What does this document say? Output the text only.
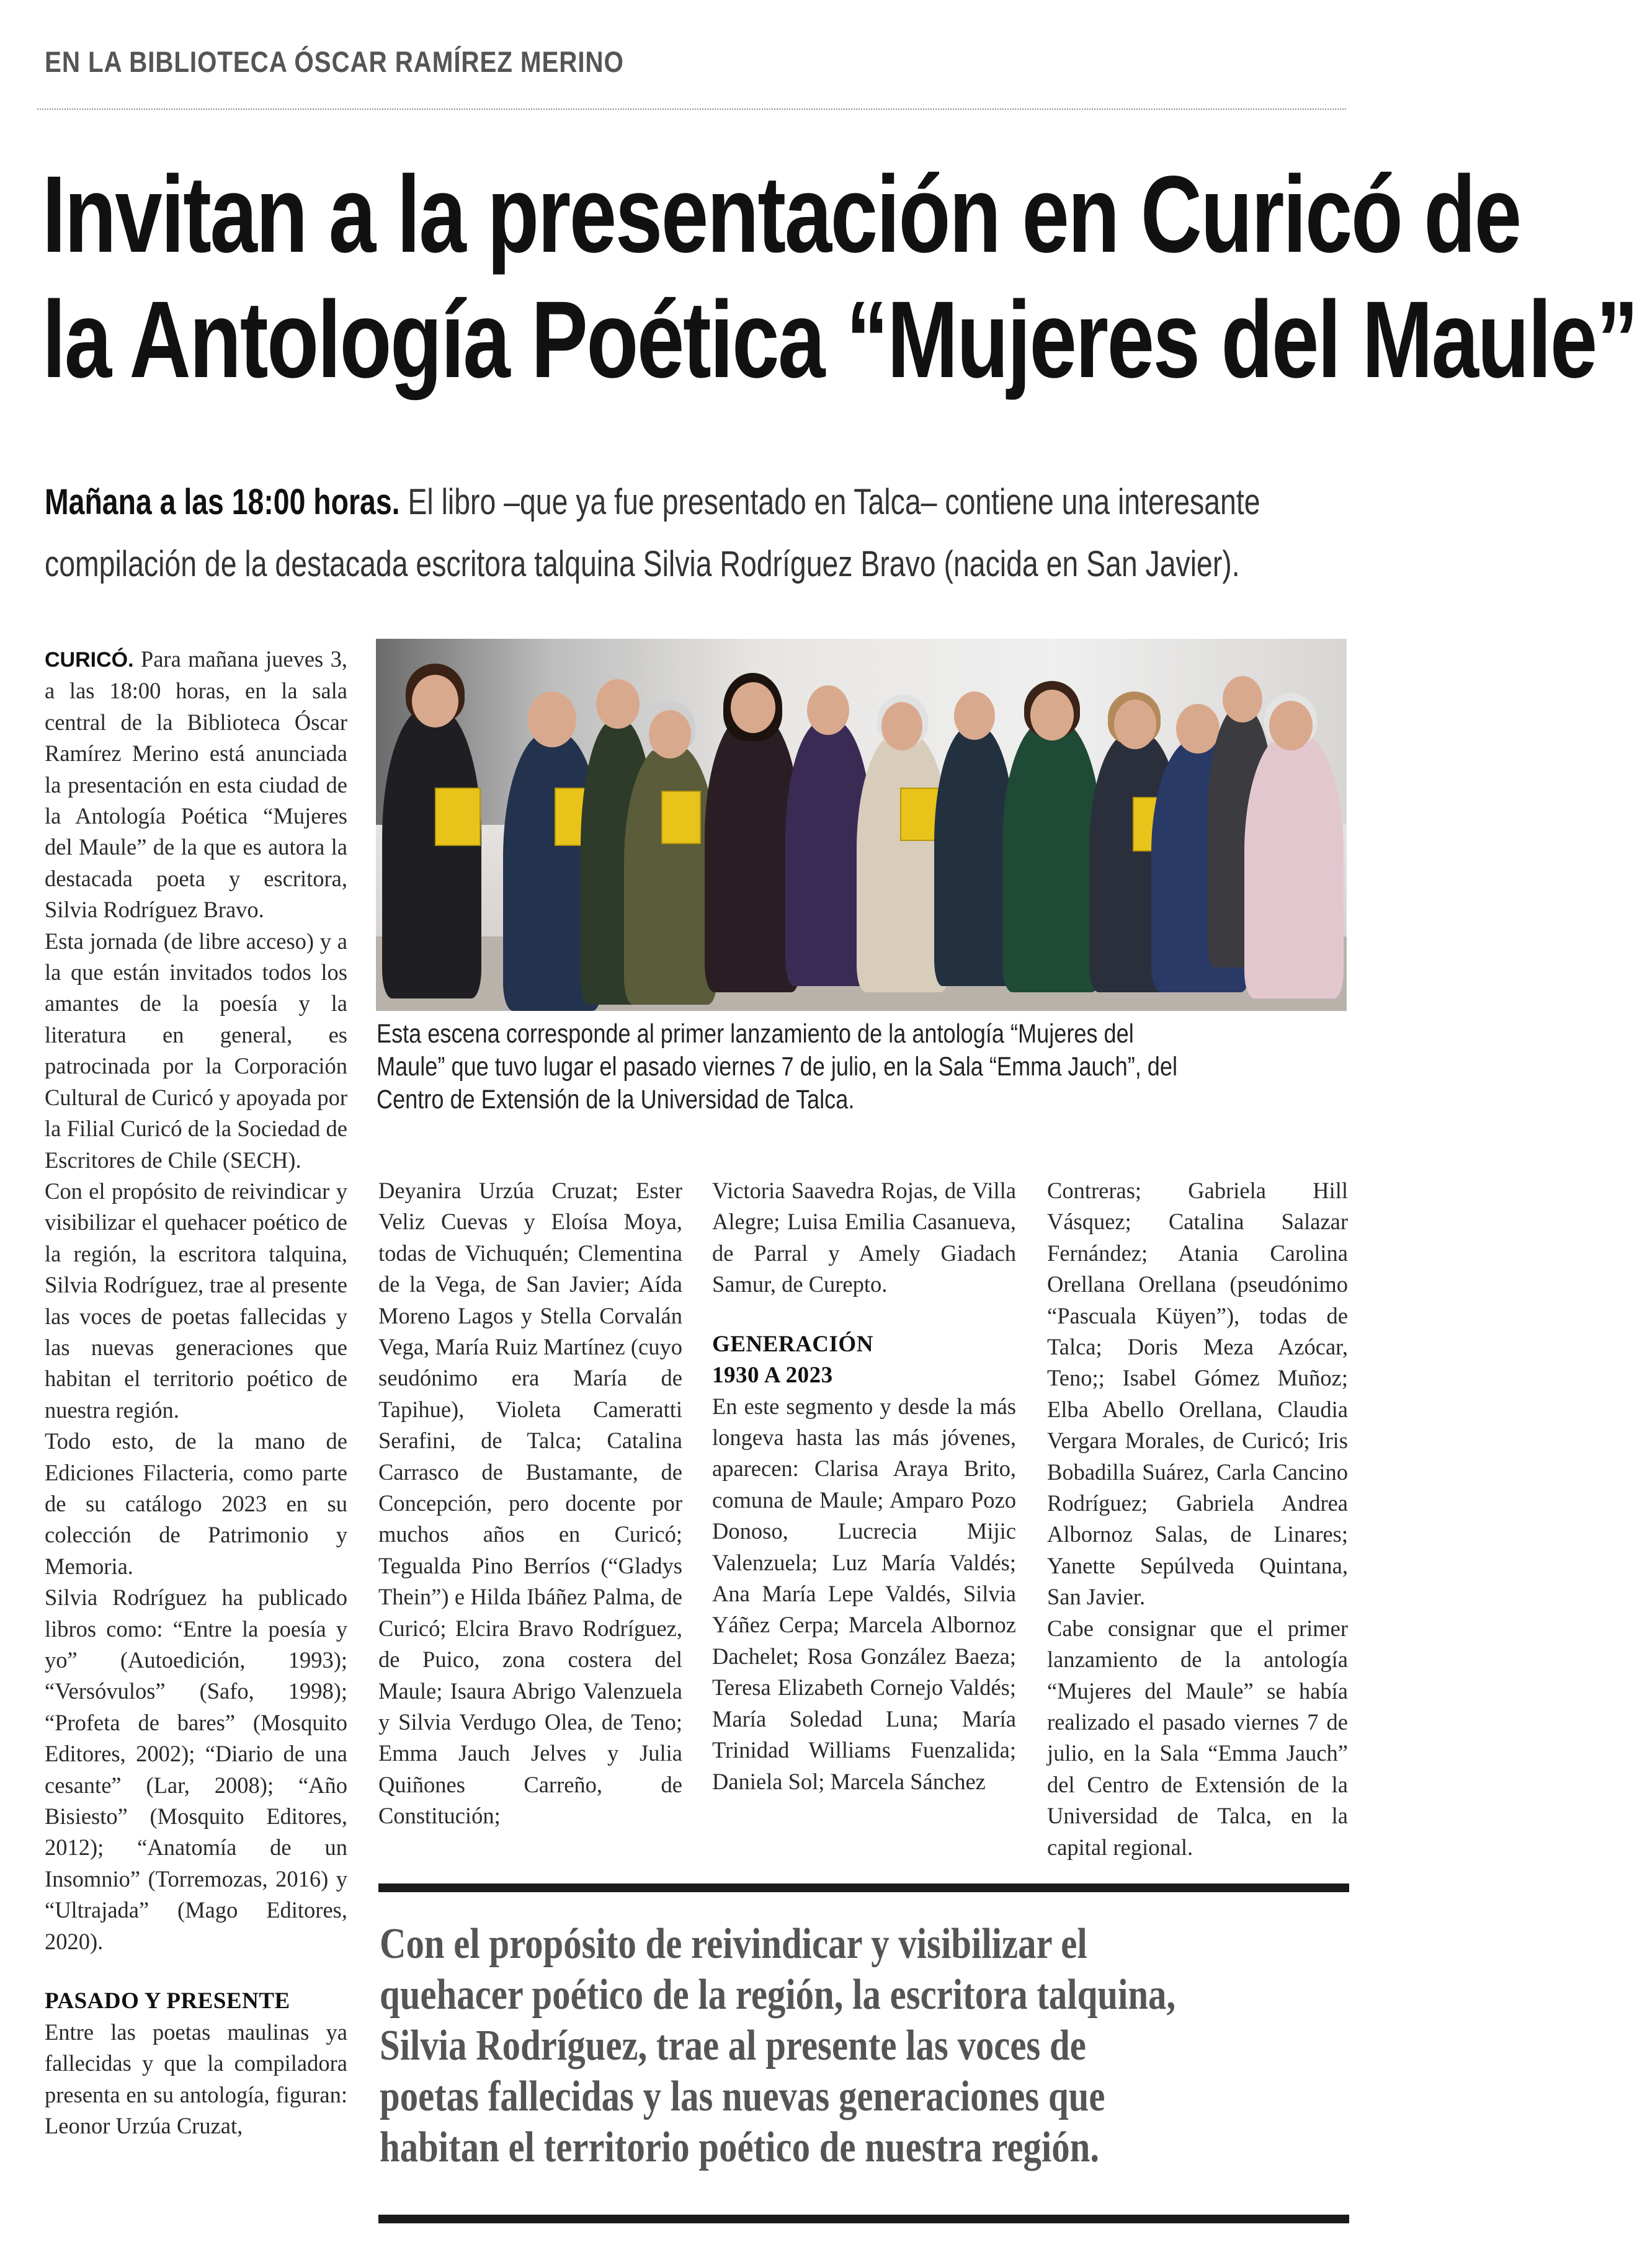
EN LA BIBLIOTECA ÓSCAR RAMÍREZ MERINO
Invitan a la presentación en Curicó de
la Antología Poética “Mujeres del Maule”
Mañana a las 18:00 horas. El libro –que ya fue presentado en Talca– contiene una interesante compilación de la destacada escritora talquina Silvia Rodríguez Bravo (nacida en San Javier).

CURICÓ. Para mañana jueves 3, a las 18:00 horas, en la sala central de la Biblioteca Óscar Ramírez Merino está anunciada la presentación en esta ciudad de la Antología Poética “Mujeres del Maule” de la que es autora la destacada poeta y escritora, Silvia Rodríguez Bravo.

Esta jornada (de libre acceso) y a la que están invitados todos los amantes de la poesía y la literatura en general, es patrocinada por la Corporación Cultural de Curicó y apoyada por la Filial Curicó de la Sociedad de Escritores de Chile (SECH).

Con el propósito de reivindicar y visibilizar el quehacer poético de la región, la escritora talquina, Silvia Rodríguez, trae al presente las voces de poetas fallecidas y las nuevas generaciones que habitan el territorio poético de nuestra región.

Todo esto, de la mano de Ediciones Filacteria, como parte de su catálogo 2023 en su colección de Patrimonio y Memoria.

Silvia Rodríguez ha publicado libros como: “Entre la poesía y yo” (Autoedición, 1993); “Versóvulos” (Safo, 1998); “Profeta de bares” (Mosquito Editores, 2002); “Diario de una cesante” (Lar, 2008); “Año Bisiesto” (Mosquito Editores, 2012); “Anatomía de un Insomnio” (Torremozas, 2016) y “Ultrajada” (Mago Editores, 2020).

PASADO Y PRESENTE

Entre las poetas maulinas ya fallecidas y que la compiladora presenta en su antología, figuran: Leonor Urzúa Cruzat,

Esta escena corresponde al primer lanzamiento de la antología “Mujeres del Maule” que tuvo lugar el pasado viernes 7 de julio, en la Sala “Emma Jauch”, del Centro de Extensión de la Universidad de Talca.

Deyanira Urzúa Cruzat; Ester Veliz Cuevas y Eloísa Moya, todas de Vichuquén; Clementina de la Vega, de San Javier; Aída Moreno Lagos y Stella Corvalán Vega, María Ruiz Martínez (cuyo seudónimo era María de Tapihue), Violeta Cameratti Serafini, de Talca; Catalina Carrasco de Bustamante, de Concepción, pero docente por muchos años en Curicó; Tegualda Pino Berríos (“Gladys Thein”) e Hilda Ibáñez Palma, de Curicó; Elcira Bravo Rodríguez, de Puico, zona costera del Maule; Isaura Abrigo Valenzuela y Silvia Verdugo Olea, de Teno; Emma Jauch Jelves y Julia Quiñones Carreño, de Constitución;

Victoria Saavedra Rojas, de Villa Alegre; Luisa Emilia Casanueva, de Parral y Amely Giadach Samur, de Curepto.

GENERACIÓN
1930 A 2023

En este segmento y desde la más longeva hasta las más jóvenes, aparecen: Clarisa Araya Brito, comuna de Maule; Amparo Pozo Donoso, Lucrecia Mijic Valenzuela; Luz María Valdés; Ana María Lepe Valdés, Silvia Yáñez Cerpa; Marcela Albornoz Dachelet; Rosa González Baeza; Teresa Elizabeth Cornejo Valdés; María Soledad Luna; María Trinidad Williams Fuenzalida; Daniela Sol; Marcela Sánchez

Contreras; Gabriela Hill Vásquez; Catalina Salazar Fernández; Atania Carolina Orellana Orellana (pseudónimo “Pascuala Küyen”), todas de Talca; Doris Meza Azócar, Teno;; Isabel Gómez Muñoz; Elba Abello Orellana, Claudia Vergara Morales, de Curicó; Iris Bobadilla Suárez, Carla Cancino Rodríguez; Gabriela Andrea Albornoz Salas, de Linares; Yanette Sepúlveda Quintana, San Javier.

Cabe consignar que el primer lanzamiento de la antología “Mujeres del Maule” se había realizado el pasado viernes 7 de julio, en la Sala “Emma Jauch” del Centro de Extensión de la Universidad de Talca, en la capital regional.

Con el propósito de reivindicar y visibilizar el
quehacer poético de la región, la escritora talquina,
Silvia Rodríguez, trae al presente las voces de
poetas fallecidas y las nuevas generaciones que
habitan el territorio poético de nuestra región.
